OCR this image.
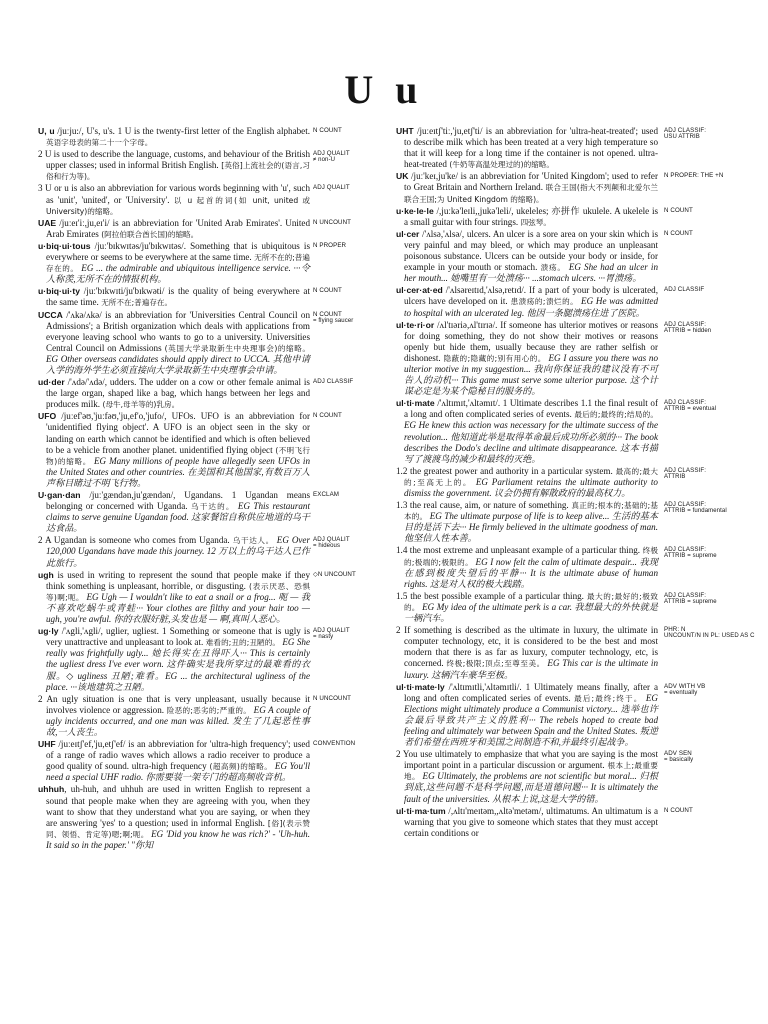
U u

U, u /juːju:/, U's, u's. 1 U is the twenty-first letter of the English alphabet. 英语字母表的第二十一个字母。

2 U is used to describe the language, customs, and behaviour of the British upper classes; used in informal British English. [英俗]上流社会的(语言,习俗和行为等)。

3 U or u is also an abbreviation for various words beginning with 'u', such as 'unit', 'united', or 'University'. 以 u 起首的词(如 unit, united 或 University)的缩略。

UAE /juːeɪ'iː,ju,eɪ'i/ is an abbreviation for 'United Arab Emirates'. United Arab Emirates (阿拉伯联合酋长国)的缩略。

u·biq·ui·tous /juː'bɪkwɪtəs/ju'bɪkwɪtəs/. Something that is ubiquitous is everywhere or seems to be everywhere at the same time. 无所不在的;普遍存在的。 EG ... the admirable and ubiquitous intelligence service. ···令人称羡,无所不在的情报机构。

u·biq·ui·ty /juː'bɪkwɪti/ju'bɪkwəti/ is the quality of being everywhere at the same time. 无所不在;普遍存在。

UCCA /'ʌkə/ʌkə/ is an abbreviation for 'Universities Central Council on Admissions'; a British organization which deals with applications from everyone leaving school who wants to go to a university. Universities Central Council on Admissions (英国大学录取新生中央理事会)的缩略。 EG Other overseas candidates should apply direct to UCCA. 其他申请入学的海外学生必须直接向大学录取新生中央理事会申请。

ud·der /'ʌdə/'ʌdə/, udders. The udder on a cow or other female animal is the large organ, shaped like a bag, which hangs between her legs and produces milk. (母牛,母羊等的)乳房。

UFO /juːef'əʊ,'juːfəʊ,'ju,ef'o,'jufo/, UFOs. UFO is an abbreviation for 'unidentified flying object'. A UFO is an object seen in the sky or landing on earth which cannot be identified and which is often believed to be a vehicle from another planet. unidentified flying object (不明飞行物)的缩略。 EG Many millions of people have allegedly seen UFOs in the United States and other countries. 在美国和其他国家,有数百万人声称目睹过不明飞行物。

U·gan·dan /juː'gændən,ju'gændən/, Ugandans. 1 Ugandan means belonging or concerned with Uganda. 乌干达的。 EG This restaurant claims to serve genuine Ugandan food. 这家餐馆自称供应地道的乌干达食品。

2 A Ugandan is someone who comes from Uganda. 乌干达人。 EG Over 120,000 Ugandans have made this journey. 12 万以上的乌干达人已作此旅行。

ugh is used in writing to represent the sound that people make if they think something is unpleasant, horrible, or disgusting. (表示厌恶、恐惧等)啊;呃。 EG Ugh — I wouldn't like to eat a snail or a frog... 呃 — 我不喜欢吃蜗牛或青蛙··· Your clothes are filthy and your hair too — ugh, you're awful. 你的衣服好脏,头发也是 — 啊,真叫人恶心。

ug·ly /'ʌgli,'ʌgli/, uglier, ugliest. 1 Something or someone that is ugly is very unattractive and unpleasant to look at. 难看的;丑的;丑陋的。 EG She really was frightfully ugly... 她长得实在丑得吓人··· This is certainly the ugliest dress I've ever worn. 这件确实是我所穿过的最难看的衣服。◇ ugliness 丑陋;难看。EG ... the architectural ugliness of the place. ···该地建筑之丑陋。

2 An ugly situation is one that is very unpleasant, usually because it involves violence or aggression. 险恶的;恶劣的;严重的。 EG A couple of ugly incidents occurred, and one man was killed. 发生了几起恶性事故,一人丧生。

UHF /juːeɪtʃ'ef,'ju,etʃ'ef/ is an abbreviation for 'ultra-high frequency'; used of a range of radio waves which allows a radio receiver to produce a good quality of sound. ultra-high frequency (超高频)的缩略。 EG You'll need a special UHF radio. 你需要装一架专门的超高频收音机。

uhhuh, uh-huh, and uhhuh are used in written English to represent a sound that people make when they are agreeing with you, when they want to show that they understand what you are saying, or when they are answering 'yes' to a question; used in informal English. [俗](表示赞同、领悟、肯定等)嗯;啊;呃。 EG 'Did you know he was rich?' - 'Uh-huh. It said so in the paper.' "你知

N COUNT
ADJ QUALIT
≠ non-U
ADJ QUALIT
N UNCOUNT
N PROPER
N COUNT
N COUNT
= flying saucer
ADJ CLASSIF
N COUNT
EXCLAM
ADJ QUALIT
= hideous
◇N UNCOUNT
ADJ QUALIT
= nasty
N UNCOUNT
CONVENTION

UHT /juːeɪtʃ'tiː,'ju,etʃ'ti/ is an abbreviation for 'ultra-heat-treated'; used to describe milk which has been treated at a very high temperature so that it will keep for a long time if the container is not opened. ultra-heat-treated (牛奶等高温处理过的)的缩略。

UK /juː'keɪ,ju'ke/ is an abbreviation for 'United Kingdom'; used to refer to Great Britain and Northern Ireland. 联合王国(指大不列颠和北爱尔兰联合王国;为 United Kingdom 的缩略)。

u·ke·le·le /,juːkə'leɪli,,jukə'leli/, ukeleles; 亦拼作 ukulele. A ukelele is a small guitar with four strings. 四弦琴。

ul·cer /'ʌlsə,'ʌlsə/, ulcers. An ulcer is a sore area on your skin which is very painful and may bleed, or which may produce an unpleasant poisonous substance. Ulcers can be outside your body or inside, for example in your mouth or stomach. 溃疡。 EG She had an ulcer in her mouth... 她嘴里有一处溃疡··· ...stomach ulcers. ···胃溃疡。

ul·cer·at·ed /'ʌlsəreɪtɪd,'ʌlsə,retɪd/. If a part of your body is ulcerated, ulcers have developed on it. 患溃疡的;溃烂的。 EG He was admitted to hospital with an ulcerated leg. 他因一条腿溃疡住进了医院。

ul·te·ri·or /ʌl'tɪəriə,ʌl'tɪrɪə/. If someone has ulterior motives or reasons for doing something, they do not show their motives or reasons openly but hide them, usually because they are rather selfish or dishonest. 隐蔽的;隐藏的;别有用心的。 EG I assure you there was no ulterior motive in my suggestion... 我向你保证我的建议没有不可告人的动机··· This game must serve some ulterior purpose. 这个计谋必定是为某个隐秘目的服务的。

ul·ti·mate /'ʌltɪmɪt,'ʌltəmɪt/. 1 Ultimate describes 1.1 the final result of a long and often complicated series of events. 最后的;最终的;结局的。 EG He knew this action was necessary for the ultimate success of the revolution... 他知道此举是取得革命最后成功所必须的··· The book describes the Dodo's decline and ultimate disappearance. 这本书描写了渡渡鸟的减少和最终的灭绝。

1.2 the greatest power and authority in a particular system. 最高的;最大的;至高无上的。 EG Parliament retains the ultimate authority to dismiss the government. 议会仍拥有解散政府的最高权力。

1.3 the real cause, aim, or nature of something. 真正的;根本的;基础的;基本的。 EG The ultimate purpose of life is to keep alive... 生活的基本目的是活下去··· He firmly believed in the ultimate goodness of man. 他坚信人性本善。

1.4 the most extreme and unpleasant example of a particular thing. 终极的;极端的;极限的。 EG I now felt the calm of ultimate despair... 我现在感到极度失望后的平静··· It is the ultimate abuse of human rights. 这是对人权的极大践踏。

1.5 the best possible example of a particular thing. 最大的;最好的;极致的。 EG My idea of the ultimate perk is a car. 我想最大的外快就是一辆汽车。

2 If something is described as the ultimate in luxury, the ultimate in computer technology, etc, it is considered to be the best and most modern that there is as far as luxury, computer technology, etc, is concerned. 终极;极限;顶点;至尊至美。 EG This car is the ultimate in luxury. 这辆汽车豪华至极。

ul·ti·mate·ly /'ʌltɪmɪtli,'ʌltəmɪtli/. 1 Ultimately means finally, after a long and often complicated series of events. 最后;最终;终于。 EG Elections might ultimately produce a Communist victory... 选举也许会最后导致共产主义的胜利··· The rebels hoped to create bad feeling and ultimately war between Spain and the United States. 叛逆者们希望在西班牙和美国之间制造不和,并最终引起战争。

2 You use ultimately to emphasize that what you are saying is the most important point in a particular discussion or argument. 根本上;最重要地。 EG Ultimately, the problems are not scientific but moral... 归根到底,这些问题不是科学问题,而是道德问题··· It is ultimately the fault of the universities. 从根本上说,这是大学的错。

ul·ti·ma·tum /,ʌltɪ'meɪtəm,,ʌltə'metəm/, ultimatums. An ultimatum is a warning that you give to someone which states that they must accept certain conditions or

ADJ CLASSIF:
USU ATTRIB
N PROPER: THE +N
N COUNT
N COUNT
ADJ CLASSIF
ADJ CLASSIF:
ATTRIB = hidden
ADJ CLASSIF:
ATTRIB = eventual
ADJ CLASSIF:
ATTRIB
ADJ CLASSIF:
ATTRIB = fundamental
ADJ CLASSIF:
ATTRIB = supreme
ADJ CLASSIF:
ATTRIB = supreme
PHR: N
UNCOUNT/N IN PL: USED AS C
ADV WITH VB
= eventually
ADV SEN
= basically
N COUNT
